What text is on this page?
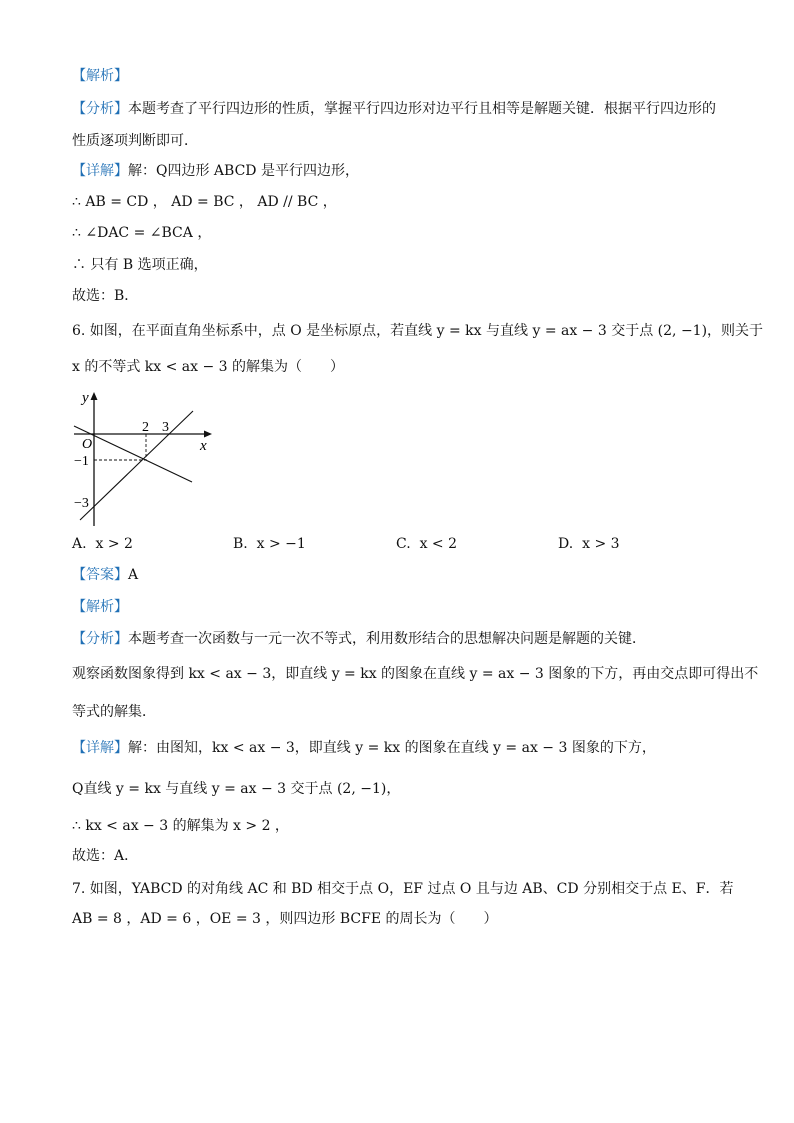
【解析】
【分析】本题考查了平行四边形的性质，掌握平行四边形对边平行且相等是解题关键．根据平行四边形的
性质逐项判断即可．
【详解】解：Q四边形 ABCD 是平行四边形，
∴ AB = CD ， AD = BC ， AD // BC ，
∴ ∠DAC = ∠BCA ，
∴ 只有 B 选项正确，
故选：B．
6. 如图，在平面直角坐标系中，点 O 是坐标原点，若直线 y = kx 与直线 y = ax − 3 交于点 (2, −1)，则关于
x 的不等式 kx < ax − 3 的解集为（　　）
y
x
O
2 3
−1
−3
A. x > 2	B. x > −1	C. x < 2	D. x > 3
【答案】A
【解析】
【分析】本题考查一次函数与一元一次不等式，利用数形结合的思想解决问题是解题的关键．
观察函数图象得到 kx < ax − 3，即直线 y = kx 的图象在直线 y = ax − 3 图象的下方，再由交点即可得出不
等式的解集．
【详解】解：由图知，kx < ax − 3，即直线 y = kx 的图象在直线 y = ax − 3 图象的下方，
Q直线 y = kx 与直线 y = ax − 3 交于点 (2, −1)，
∴ kx < ax − 3 的解集为 x > 2 ，
故选：A．
7. 如图，YABCD 的对角线 AC 和 BD 相交于点 O，EF 过点 O 且与边 AB、CD 分别相交于点 E、F．若
AB = 8 ，AD = 6 ，OE = 3 ，则四边形 BCFE 的周长为（　　）
